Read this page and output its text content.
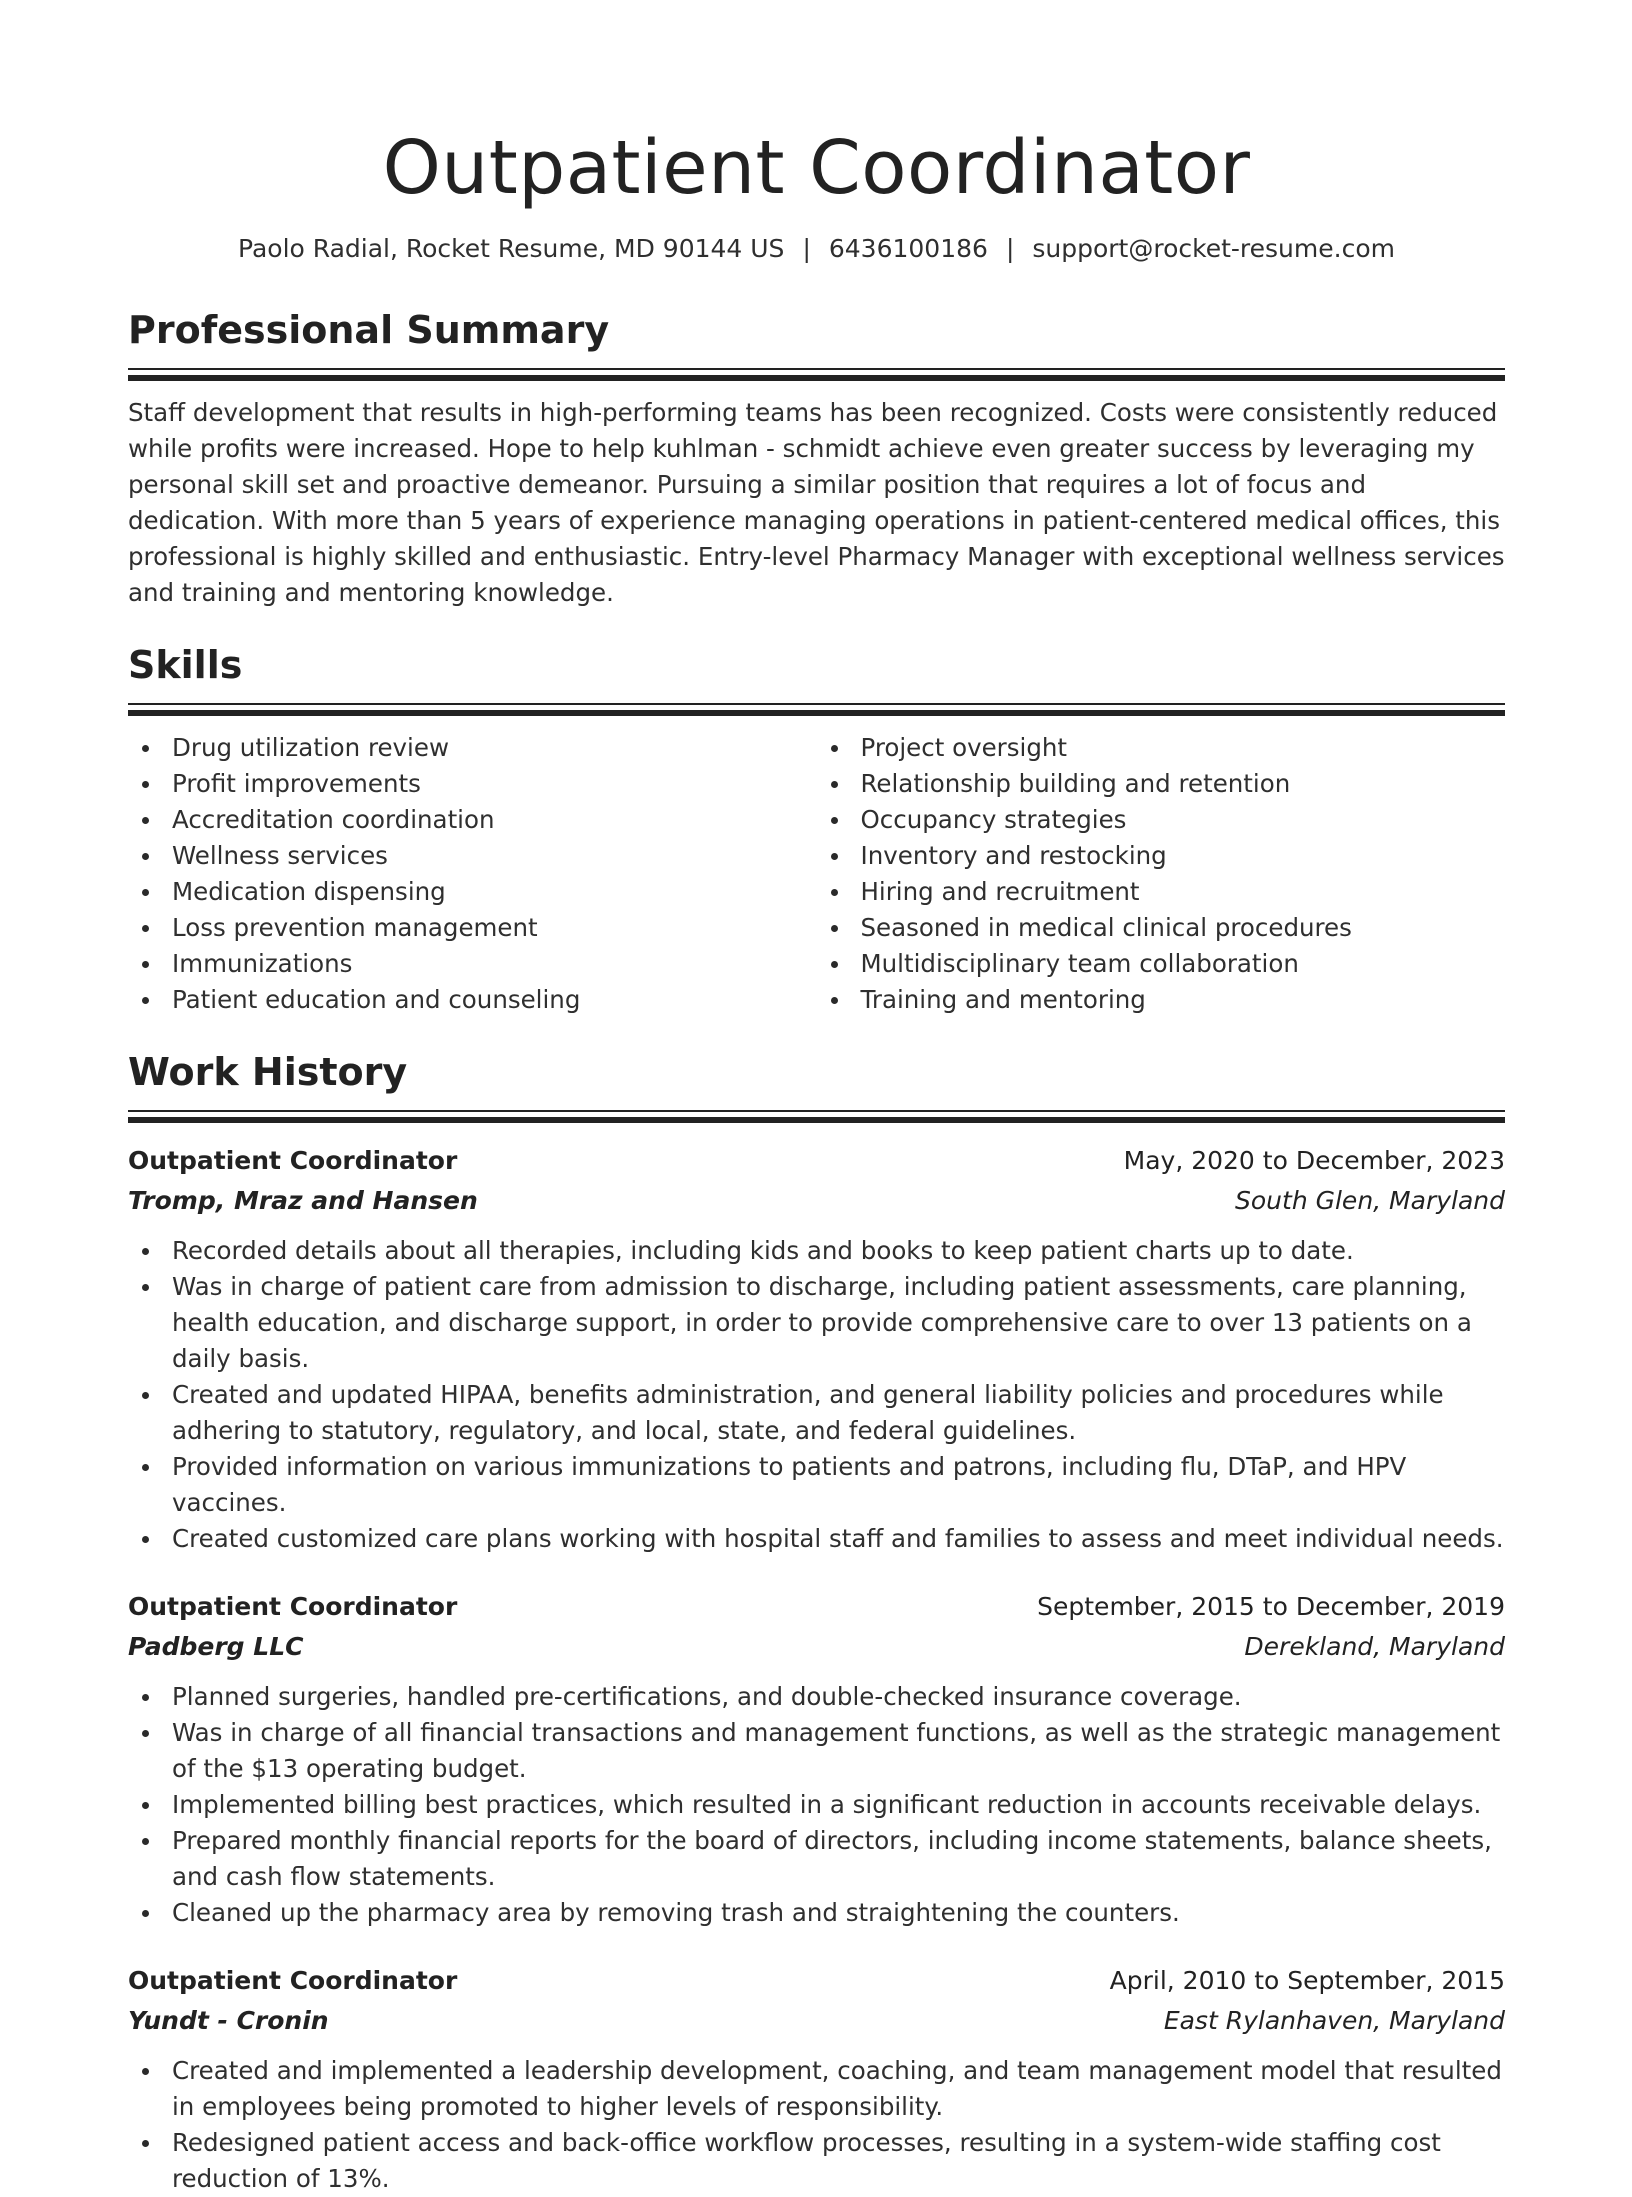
Outpatient Coordinator
Paolo Radial, Rocket Resume, MD 90144 US | 6436100186 | support@rocket-resume.com
Professional Summary

Staff development that results in high-performing teams has been recognized. Costs were consistently reduced while profits were increased. Hope to help kuhlman - schmidt achieve even greater success by leveraging my personal skill set and proactive demeanor. Pursuing a similar position that requires a lot of focus and dedication. With more than 5 years of experience managing operations in patient-centered medical offices, this professional is highly skilled and enthusiastic. Entry-level Pharmacy Manager with exceptional wellness services and training and mentoring knowledge.

Skills
Drug utilization review
Profit improvements
Accreditation coordination
Wellness services
Medication dispensing
Loss prevention management
Immunizations
Patient education and counseling
Project oversight
Relationship building and retention
Occupancy strategies
Inventory and restocking
Hiring and recruitment
Seasoned in medical clinical procedures
Multidisciplinary team collaboration
Training and mentoring
Work History
Outpatient Coordinator	May, 2020 to December, 2023
Tromp, Mraz and Hansen	South Glen, Maryland
Recorded details about all therapies, including kids and books to keep patient charts up to date.
Was in charge of patient care from admission to discharge, including patient assessments, care planning, health education, and discharge support, in order to provide comprehensive care to over 13 patients on a daily basis.
Created and updated HIPAA, benefits administration, and general liability policies and procedures while adhering to statutory, regulatory, and local, state, and federal guidelines.
Provided information on various immunizations to patients and patrons, including flu, DTaP, and HPV vaccines.
Created customized care plans working with hospital staff and families to assess and meet individual needs.
Outpatient Coordinator	September, 2015 to December, 2019
Padberg LLC	Derekland, Maryland
Planned surgeries, handled pre-certifications, and double-checked insurance coverage.
Was in charge of all financial transactions and management functions, as well as the strategic management of the $13 operating budget.
Implemented billing best practices, which resulted in a significant reduction in accounts receivable delays.
Prepared monthly financial reports for the board of directors, including income statements, balance sheets, and cash flow statements.
Cleaned up the pharmacy area by removing trash and straightening the counters.
Outpatient Coordinator	April, 2010 to September, 2015
Yundt - Cronin	East Rylanhaven, Maryland
Created and implemented a leadership development, coaching, and team management model that resulted in employees being promoted to higher levels of responsibility.
Redesigned patient access and back-office workflow processes, resulting in a system-wide staffing cost reduction of 13%.
